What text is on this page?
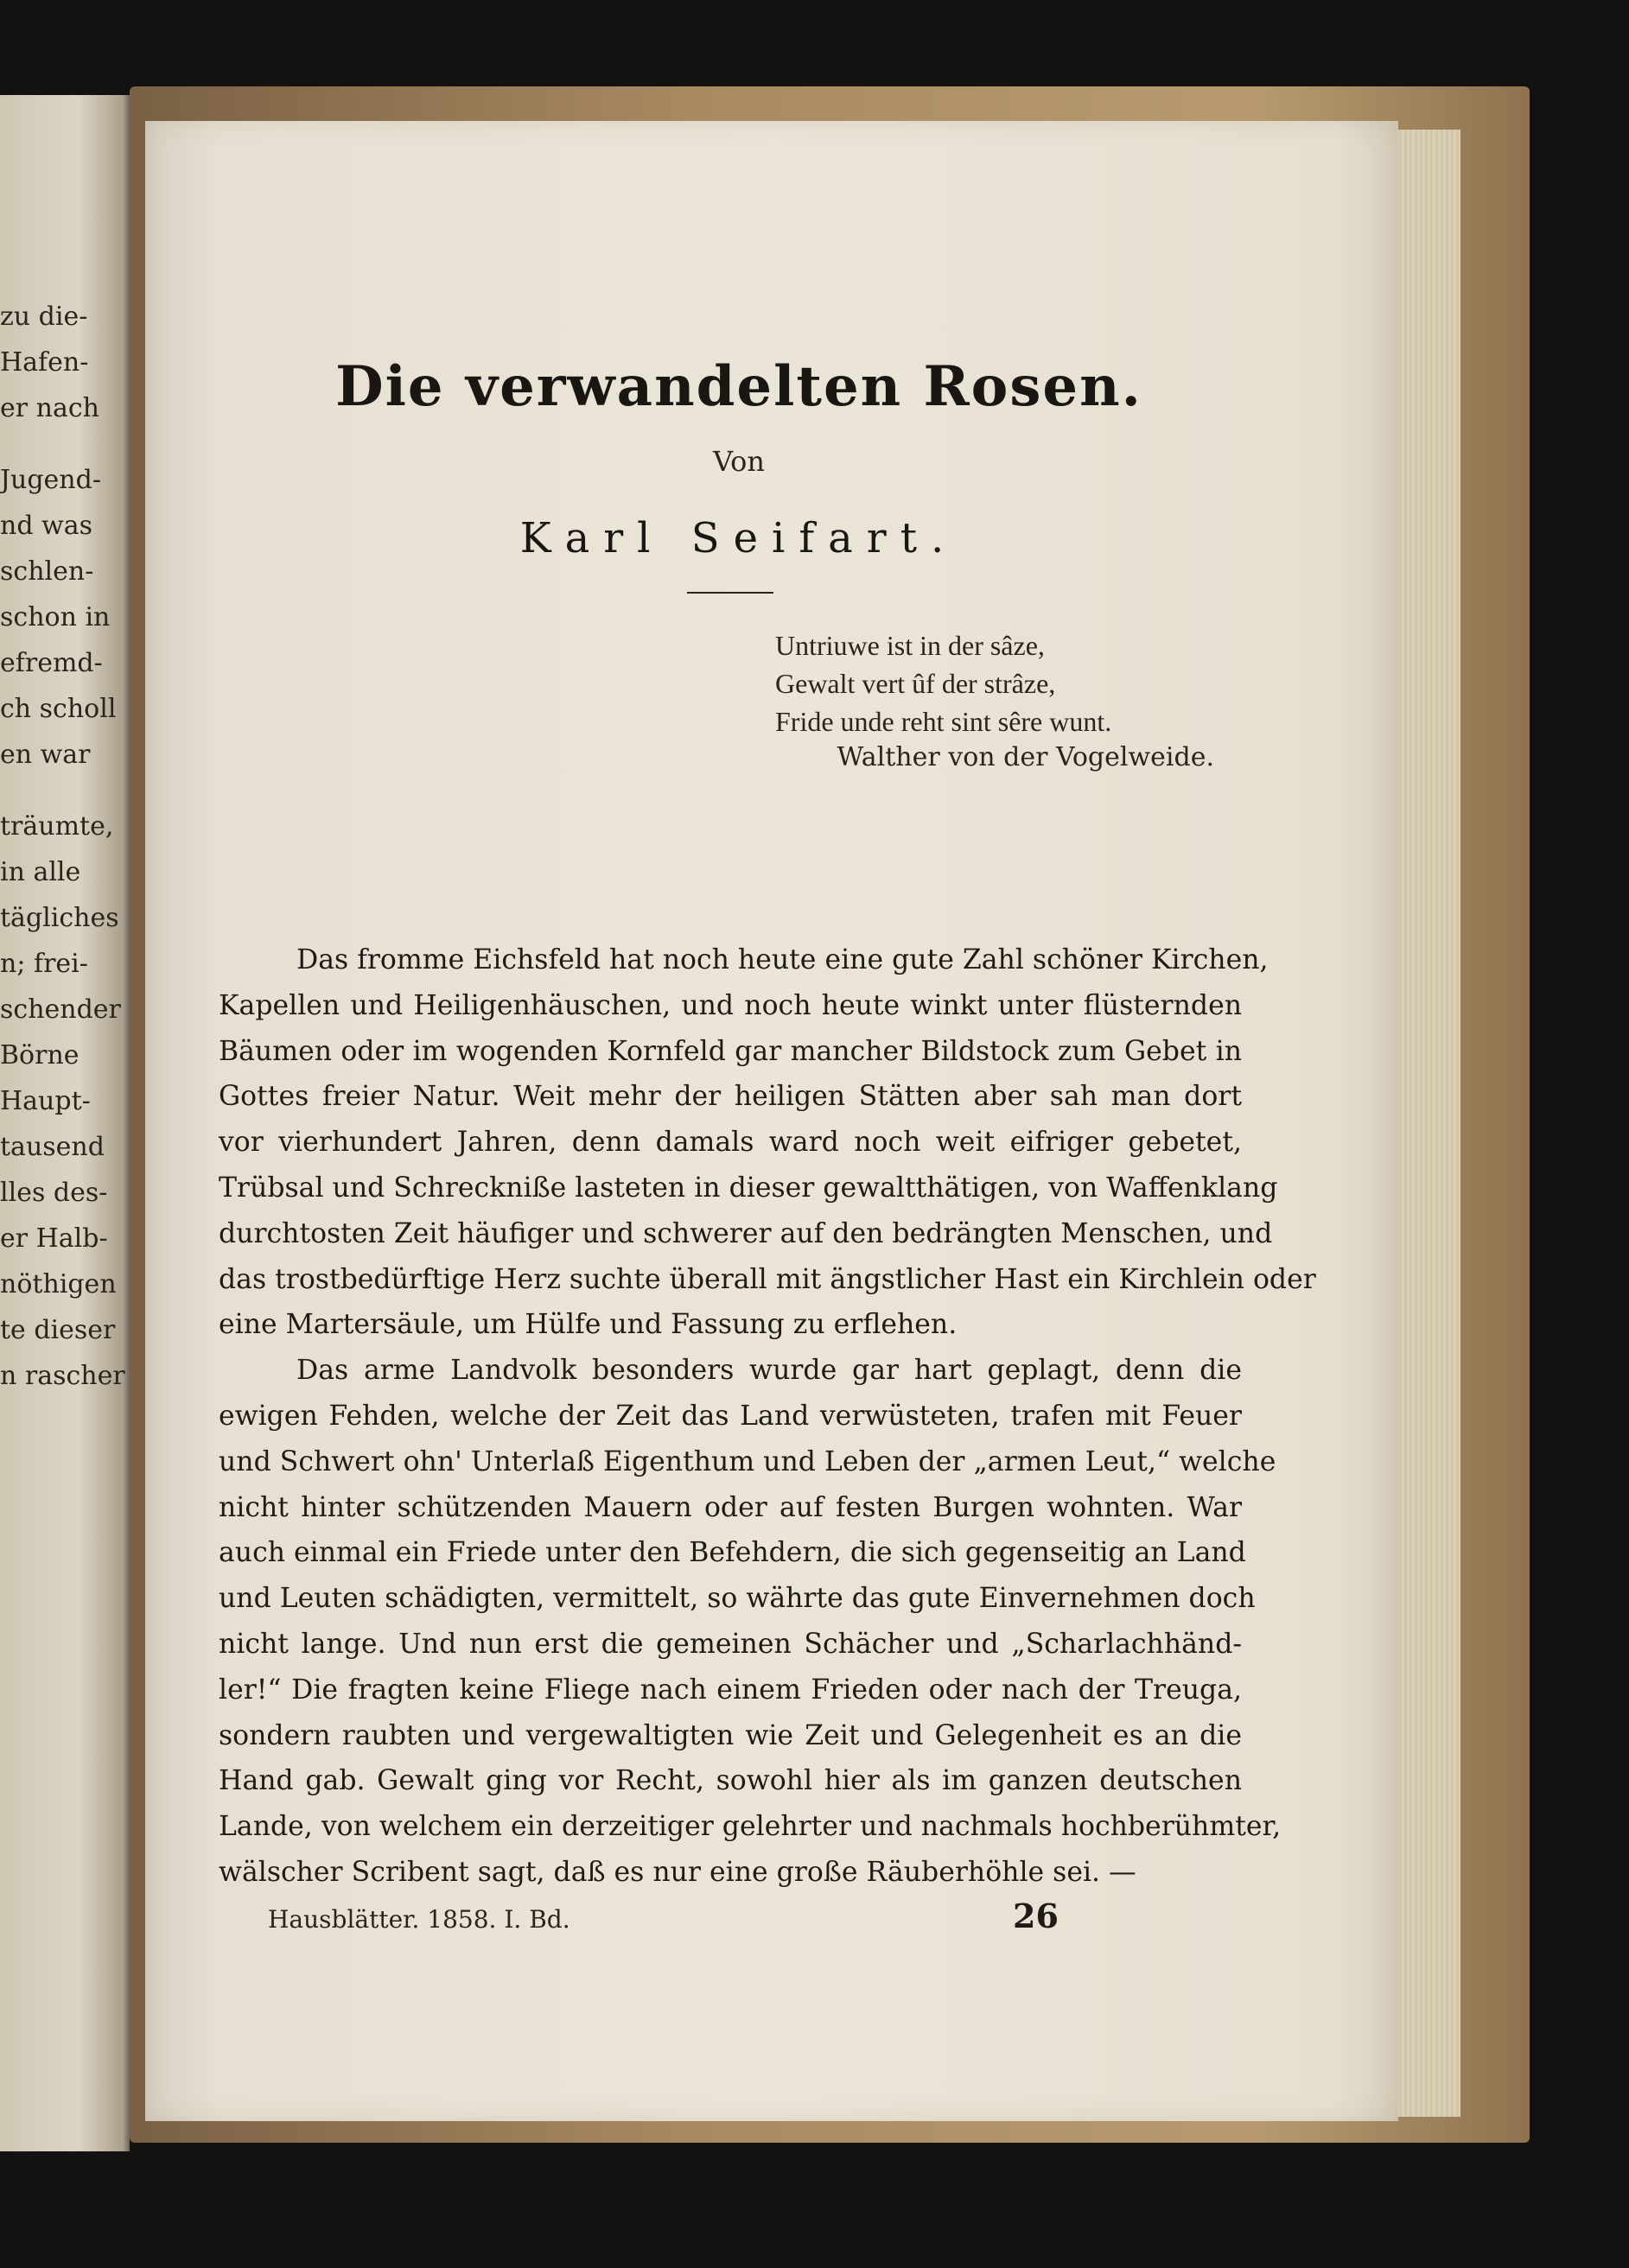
zu die-
Hafen-
er nach
Jugend-
nd was
schlen-
schon in
efremd-
ch scholl
en war
träumte,
in alle
tägliches
n; frei-
schender
Börne
Haupt-
tausend
lles des-
er Halb-
nöthigen
te dieser
n rascher
Die verwandelten Rosen.
Von
Karl Seifart.
Untriuwe ist in der sâze,
Gewalt vert ûf der strâze,
Fride unde reht sint sêre wunt.
Walther von der Vogelweide.
Das fromme Eichsfeld hat noch heute eine gute Zahl schöner Kirchen,
Kapellen und Heiligenhäuschen, und noch heute winkt unter flüsternden
Bäumen oder im wogenden Kornfeld gar mancher Bildstock zum Gebet in
Gottes freier Natur. Weit mehr der heiligen Stätten aber sah man dort
vor vierhundert Jahren, denn damals ward noch weit eifriger gebetet,
Trübsal und Schreckniße lasteten in dieser gewaltthätigen, von Waffenklang
durchtosten Zeit häufiger und schwerer auf den bedrängten Menschen, und
das trostbedürftige Herz suchte überall mit ängstlicher Hast ein Kirchlein oder
eine Martersäule, um Hülfe und Fassung zu erflehen.
Das arme Landvolk besonders wurde gar hart geplagt, denn die
ewigen Fehden, welche der Zeit das Land verwüsteten, trafen mit Feuer
und Schwert ohn' Unterlaß Eigenthum und Leben der „armen Leut,“ welche
nicht hinter schützenden Mauern oder auf festen Burgen wohnten. War
auch einmal ein Friede unter den Befehdern, die sich gegenseitig an Land
und Leuten schädigten, vermittelt, so währte das gute Einvernehmen doch
nicht lange. Und nun erst die gemeinen Schächer und „Scharlachhänd-
ler!“ Die fragten keine Fliege nach einem Frieden oder nach der Treuga,
sondern raubten und vergewaltigten wie Zeit und Gelegenheit es an die
Hand gab. Gewalt ging vor Recht, sowohl hier als im ganzen deutschen
Lande, von welchem ein derzeitiger gelehrter und nachmals hochberühmter,
wälscher Scribent sagt, daß es nur eine große Räuberhöhle sei. —
Hausblätter. 1858. I. Bd.	26
